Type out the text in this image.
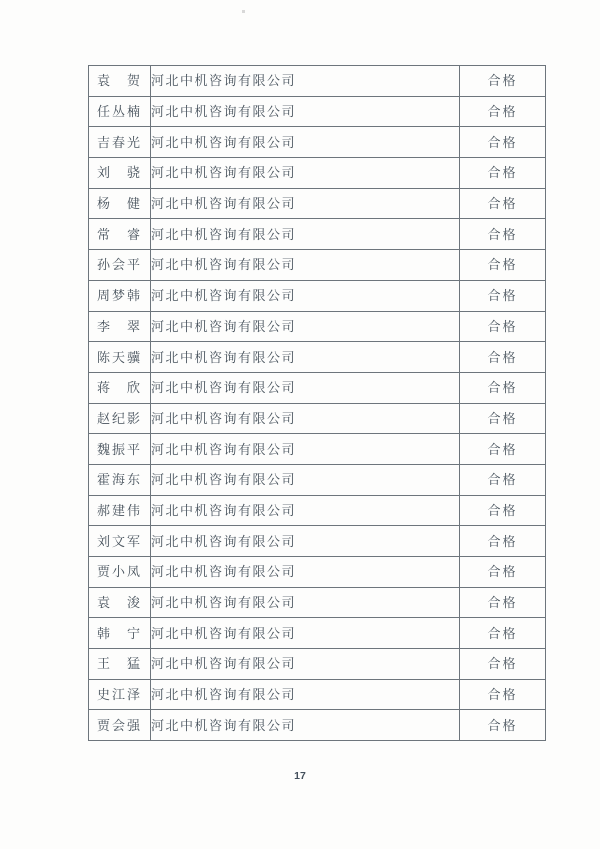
袁　贺	河北中机咨询有限公司	合格
任丛楠	河北中机咨询有限公司	合格
吉春光	河北中机咨询有限公司	合格
刘　骁	河北中机咨询有限公司	合格
杨　健	河北中机咨询有限公司	合格
常　睿	河北中机咨询有限公司	合格
孙会平	河北中机咨询有限公司	合格
周梦韩	河北中机咨询有限公司	合格
李　翠	河北中机咨询有限公司	合格
陈天骥	河北中机咨询有限公司	合格
蒋　欣	河北中机咨询有限公司	合格
赵纪影	河北中机咨询有限公司	合格
魏振平	河北中机咨询有限公司	合格
霍海东	河北中机咨询有限公司	合格
郝建伟	河北中机咨询有限公司	合格
刘文军	河北中机咨询有限公司	合格
贾小凤	河北中机咨询有限公司	合格
袁　浚	河北中机咨询有限公司	合格
韩　宁	河北中机咨询有限公司	合格
王　猛	河北中机咨询有限公司	合格
史江泽	河北中机咨询有限公司	合格
贾会强	河北中机咨询有限公司	合格
17
